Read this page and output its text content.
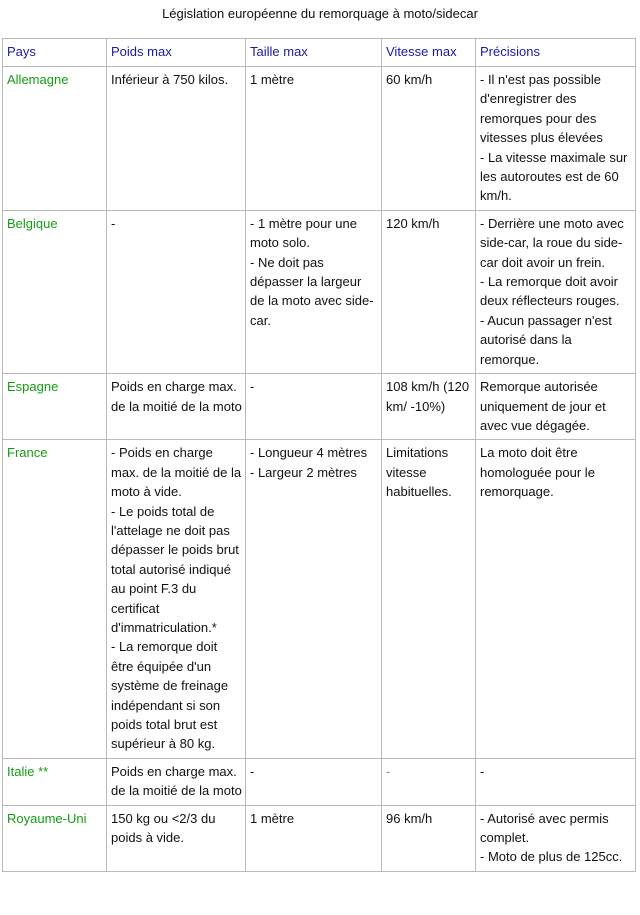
Législation européenne du remorquage à moto/sidecar
Pays	Poids max	Taille max	Vitesse max	Précisions
Allemagne	Inférieur à 750 kilos.	1 mètre	60 km/h	- Il n'est pas possible d'enregistrer des remorques pour des vitesses plus élevées
- La vitesse maximale sur les autoroutes est de 60 km/h.

Belgique	-	- 1 mètre pour une moto solo.
- Ne doit pas dépasser la largeur de la moto avec side-car.	120 km/h	- Derrière une moto avec side-car, la roue du side-car doit avoir un frein.
- La remorque doit avoir deux réflecteurs rouges.
- Aucun passager n'est autorisé dans la remorque.

Espagne	Poids en charge max. de la moitié de la moto	-	108 km/h (120 km/ -10%)	Remorque autorisée uniquement de jour et avec vue dégagée.

France	- Poids en charge max. de la moitié de la moto à vide.
- Le poids total de l'attelage ne doit pas dépasser le poids brut total autorisé indiqué au point F.3 du certificat d'immatriculation.*
- La remorque doit être équipée d'un système de freinage indépendant si son poids total brut est supérieur à 80 kg.	- Longueur 4 mètres
- Largeur 2 mètres	Limitations vitesse habituelles.	La moto doit être homologuée pour le remorquage.

Italie **	Poids en charge max. de la moitié de la moto	-	-	-

Royaume-Uni	150 kg ou <2/3 du poids à vide.	1 mètre	96 km/h	- Autorisé avec permis complet.
- Moto de plus de 125cc.
